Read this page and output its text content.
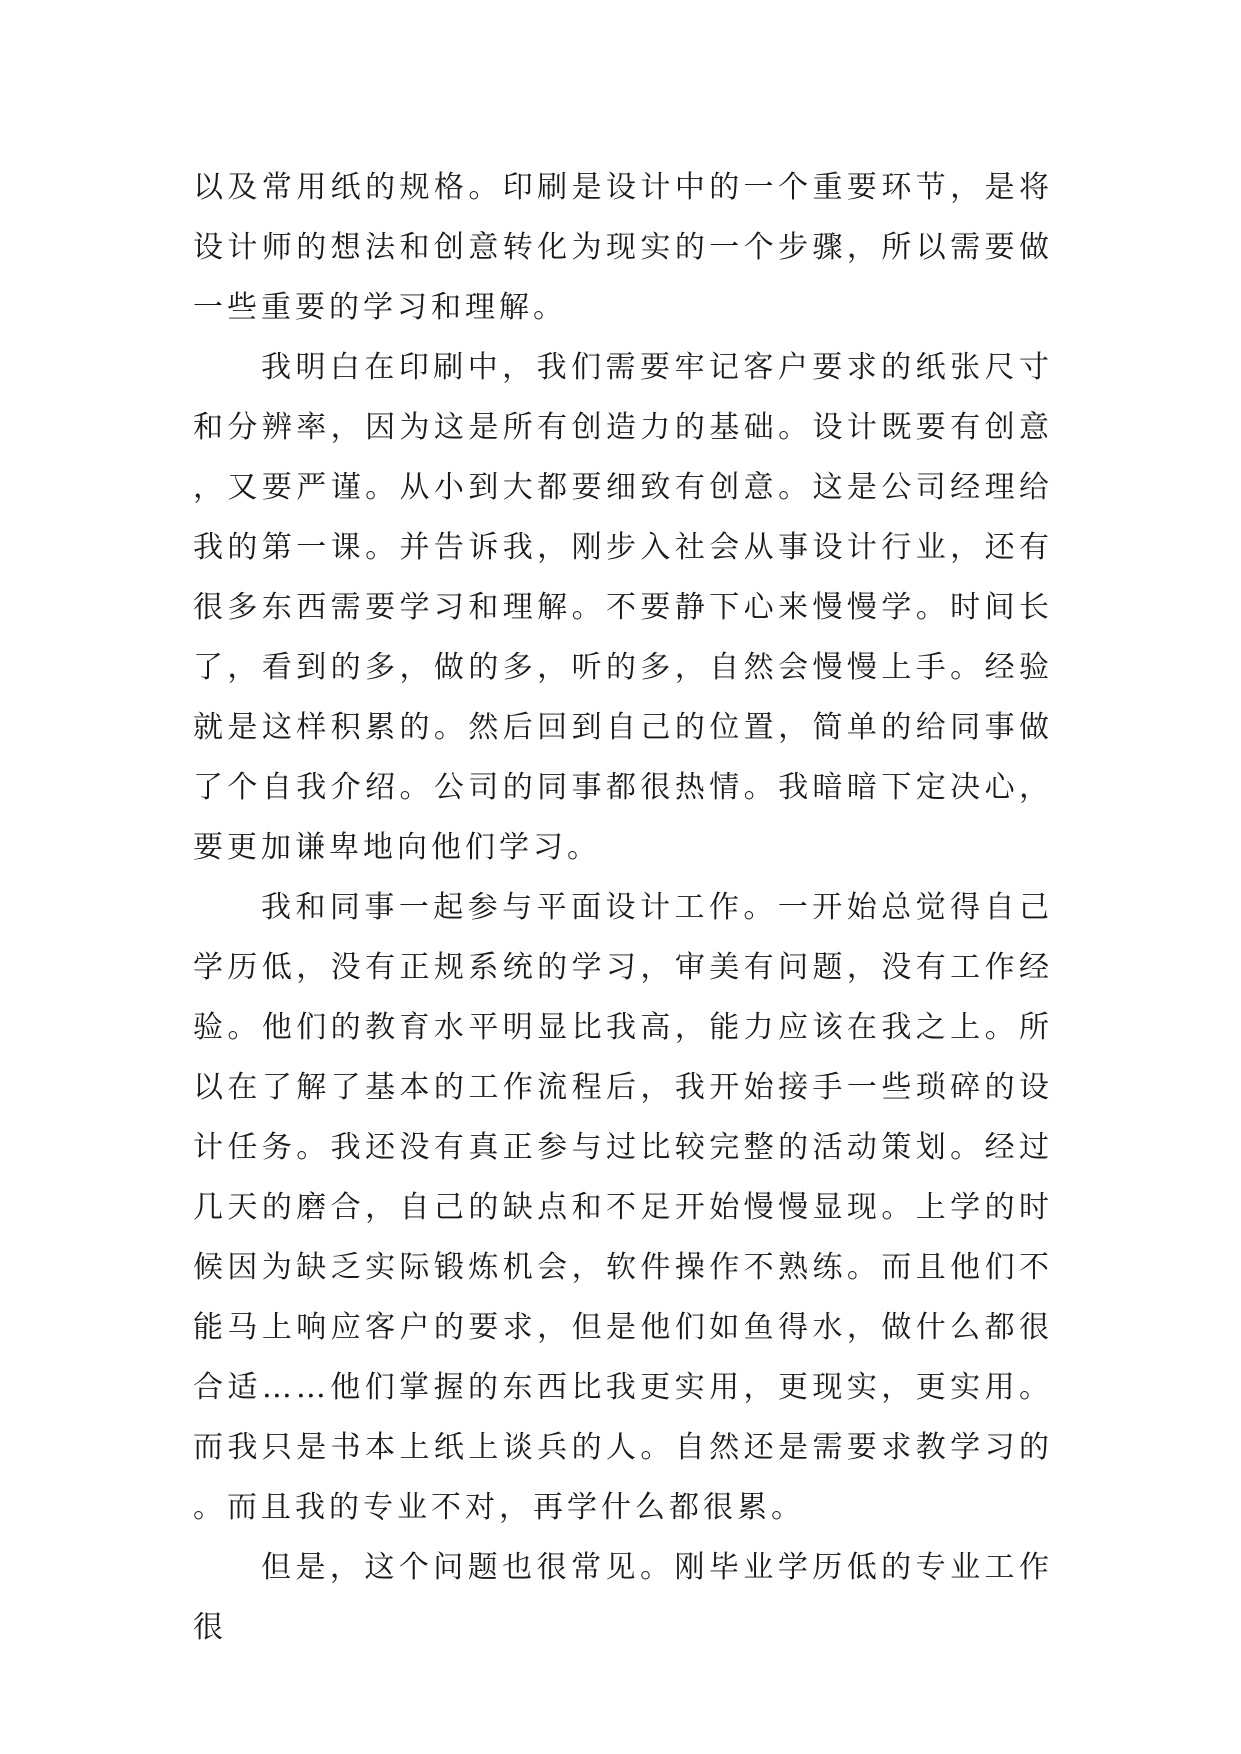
以及常用纸的规格。印刷是设计中的一个重要环节，是将设计师的想法和创意转化为现实的一个步骤，所以需要做一些重要的学习和理解。

我明白在印刷中，我们需要牢记客户要求的纸张尺寸和分辨率，因为这是所有创造力的基础。设计既要有创意，又要严谨。从小到大都要细致有创意。这是公司经理给我的第一课。并告诉我，刚步入社会从事设计行业，还有很多东西需要学习和理解。不要静下心来慢慢学。时间长了，看到的多，做的多，听的多，自然会慢慢上手。经验就是这样积累的。然后回到自己的位置，简单的给同事做了个自我介绍。公司的同事都很热情。我暗暗下定决心，要更加谦卑地向他们学习。

我和同事一起参与平面设计工作。一开始总觉得自己学历低，没有正规系统的学习，审美有问题，没有工作经验。他们的教育水平明显比我高，能力应该在我之上。所以在了解了基本的工作流程后，我开始接手一些琐碎的设计任务。我还没有真正参与过比较完整的活动策划。经过几天的磨合，自己的缺点和不足开始慢慢显现。上学的时候因为缺乏实际锻炼机会，软件操作不熟练。而且他们不能马上响应客户的要求，但是他们如鱼得水，做什么都很合适……他们掌握的东西比我更实用，更现实，更实用。而我只是书本上纸上谈兵的人。自然还是需要求教学习的。而且我的专业不对，再学什么都很累。

但是，这个问题也很常见。刚毕业学历低的专业工作很
